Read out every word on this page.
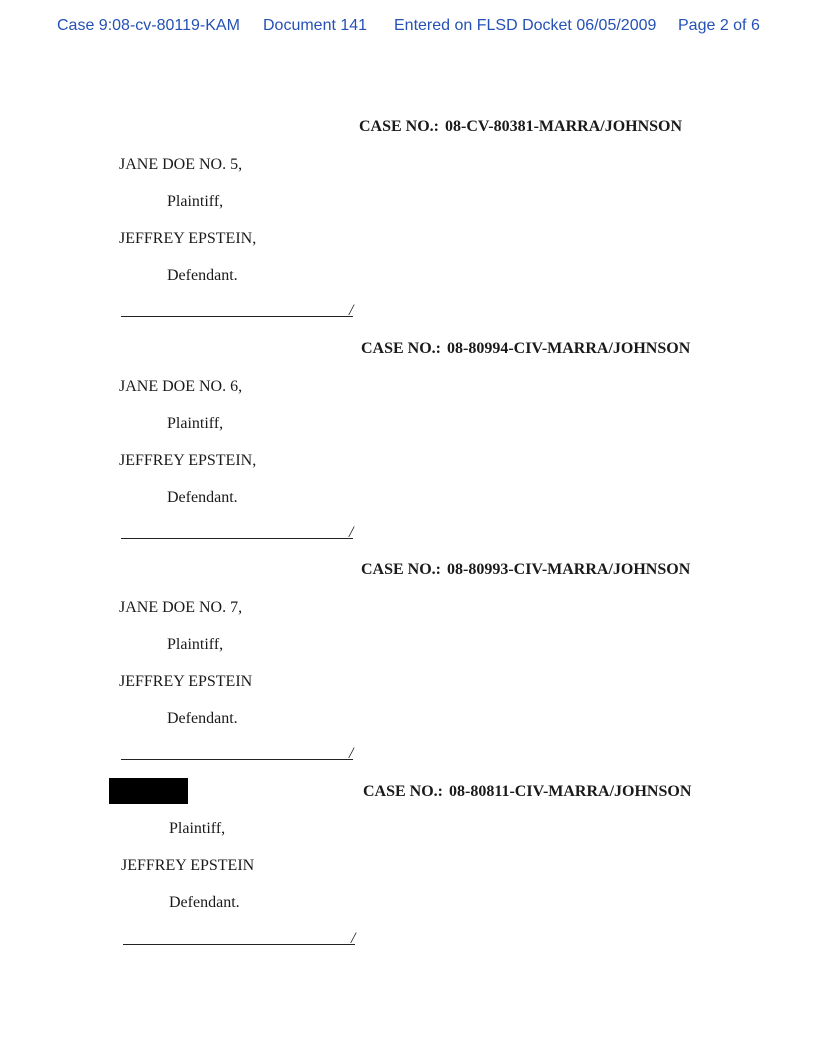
Case 9:08-cv-80119-KAM Document 141 Entered on FLSD Docket 06/05/2009 Page 2 of 6
CASE NO.: 08-CV-80381-MARRA/JOHNSON
JANE DOE NO. 5,
Plaintiff,
JEFFREY EPSTEIN,
Defendant.
/
CASE NO.: 08-80994-CIV-MARRA/JOHNSON
JANE DOE NO. 6,
Plaintiff,
JEFFREY EPSTEIN,
Defendant.
/
CASE NO.: 08-80993-CIV-MARRA/JOHNSON
JANE DOE NO. 7,
Plaintiff,
JEFFREY EPSTEIN
Defendant.
/
CASE NO.: 08-80811-CIV-MARRA/JOHNSON
Plaintiff,
JEFFREY EPSTEIN
Defendant.
/
